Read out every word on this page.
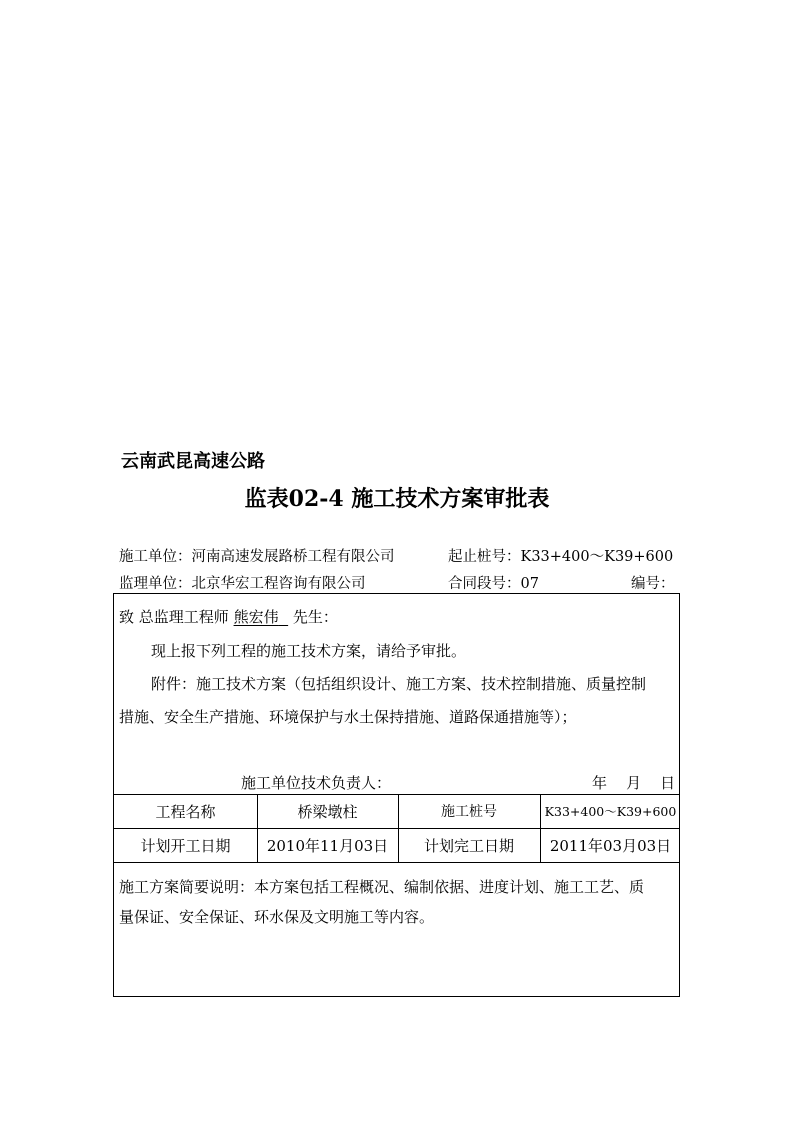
云南武昆高速公路
监表02-4 施工技术方案审批表
施工单位：河南高速发展路桥工程有限公司	起止桩号：K33+400～K39+600
监理单位：北京华宏工程咨询有限公司	合同段号：07	编号：
致 总监理工程师 熊宏伟 先生：
现上报下列工程的施工技术方案，请给予审批。
附件：施工技术方案（包括组织设计、施工方案、技术控制措施、质量控制
措施、安全生产措施、环境保护与水土保持措施、道路保通措施等）；
施工单位技术负责人：	年    月    日
工程名称	桥梁墩柱	施工桩号	K33+400～K39+600
计划开工日期	2010年11月03日	计划完工日期	2011年03月03日
施工方案简要说明：本方案包括工程概况、编制依据、进度计划、施工工艺、质
量保证、安全保证、环水保及文明施工等内容。
